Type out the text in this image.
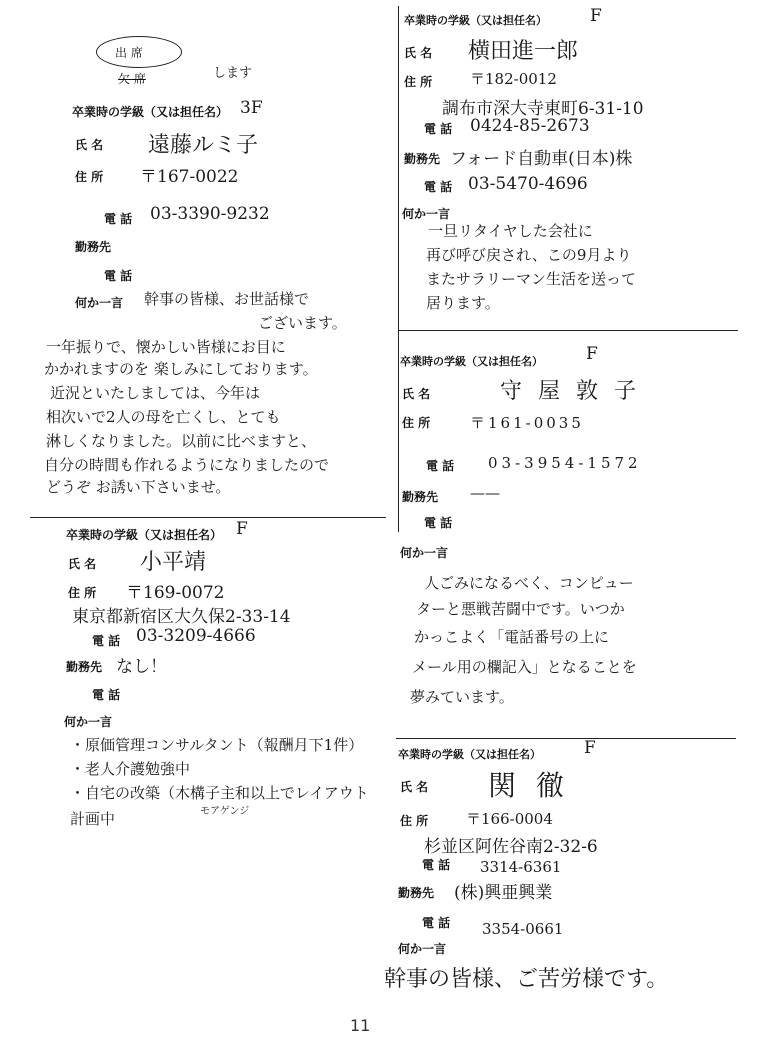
出 席
欠 席	します
卒業時の学級（又は担任名） 3F
氏 名 遠藤ルミ子
住 所 〒167-0022
電 話 03-3390-9232
勤務先
電 話
何か一言 幹事の皆様、お世話様で
ございます。
一年振りで、懐かしい皆様にお目に
かかれますのを 楽しみにしております。
近況といたしましては、今年は
相次いで2人の母を亡くし、とても
淋しくなりました。以前に比べますと、
自分の時間も作れるようになりましたので
どうぞ お誘い下さいませ。
卒業時の学級（又は担任名） F
氏 名 小平靖
住 所 〒169-0072
東京都新宿区大久保2-33-14
電 話 03-3209-4666
勤務先 なし！
電 話
何か一言
・原価管理コンサルタント（報酬月下1件）
・老人介護勉強中
・自宅の改築（木構子主和以上でレイアウト
モアゲンジ
計画中
卒業時の学級（又は担任名）	F
氏 名 横田進一郎
住 所	〒182-0012
調布市深大寺東町6-31-10
電 話 0424-85-2673
勤務先 フォード自動車(日本)株
電 話 03-5470-4696
何か一言
一旦リタイヤした会社に
再び呼び戻され、この9月より
またサラリーマン生活を送って
居ります。
卒業時の学級（又は担任名）	F
氏 名	守屋敦子
住 所	〒161-0035
電 話 03-3954-1572
勤務先 ——
電 話
何か一言
人ごみになるべく、コンピュー
ターと悪戦苦闘中です。いつか
かっこよく「電話番号の上に
メール用の欄記入」となることを
夢みています。
卒業時の学級（又は担任名）	F
氏 名 関徹
住 所	〒166-0004
杉並区阿佐谷南2-32-6
電 話 3314-6361
勤務先 (株)興亜興業
電 話 3354-0661
何か一言
幹事の皆様、ご苦労様です。
11
